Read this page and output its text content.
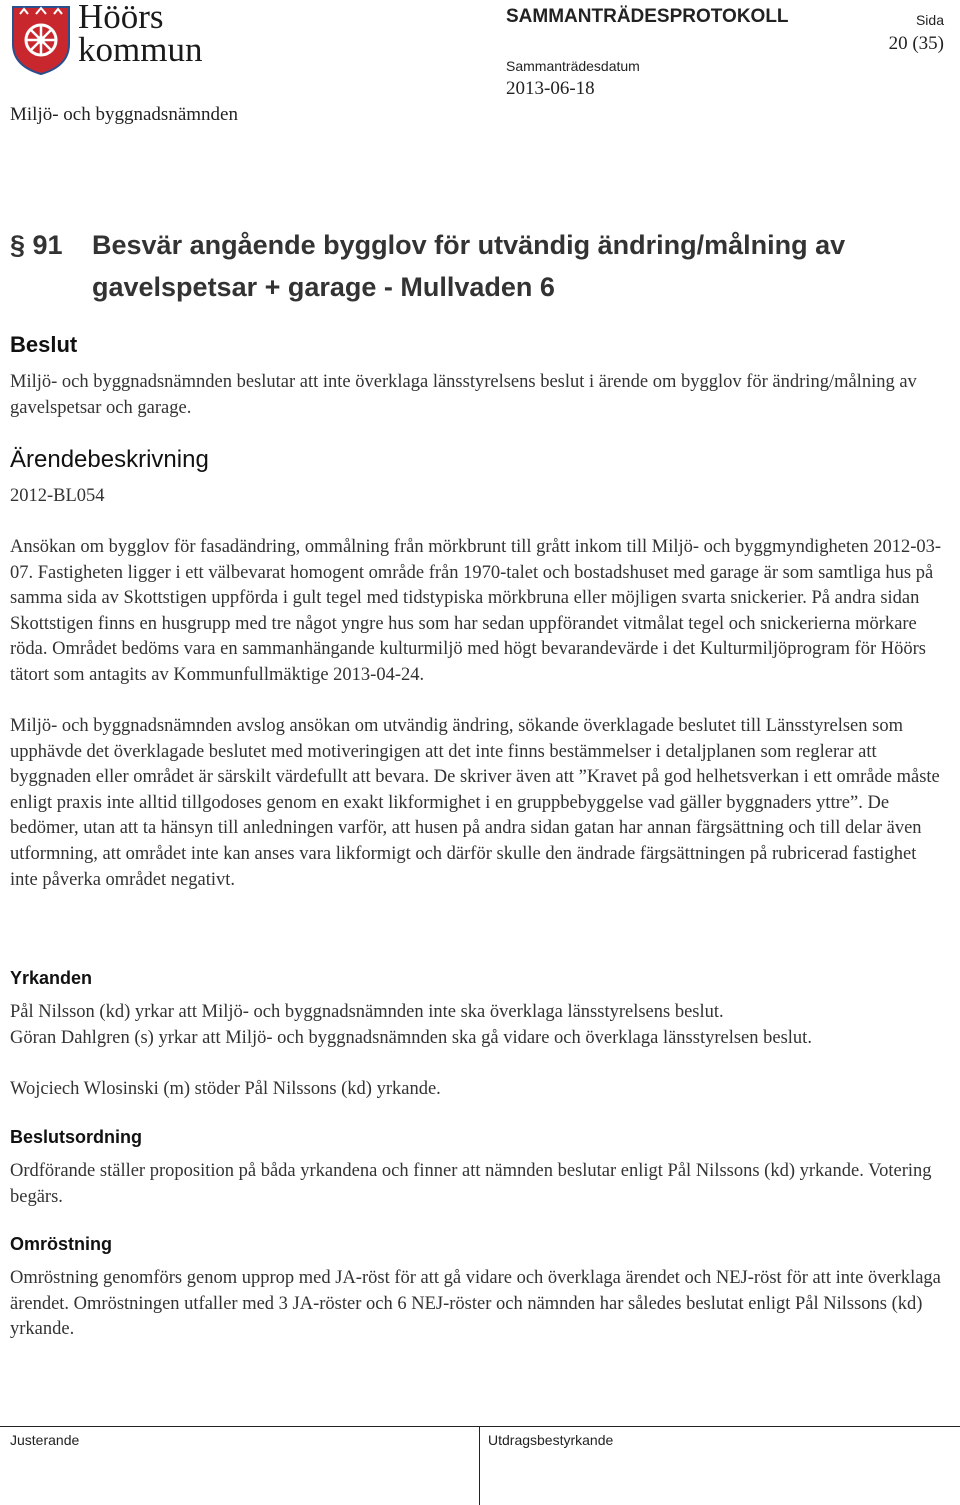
Höörs
kommun
SAMMANTRÄDESPROTOKOLL	Sida
20 (35)
Sammanträdesdatum
2013-06-18
Miljö- och byggnadsnämnden
§ 91 Besvär angående bygglov för utvändig ändring/målning av gavelspetsar + garage - Mullvaden 6
Beslut

Miljö- och byggnadsnämnden beslutar att inte överklaga länsstyrelsens beslut i ärende om bygglov för ändring/målning av gavelspetsar och garage.

Ärendebeskrivning

2012-BL054

Ansökan om bygglov för fasadändring, ommålning från mörkbrunt till grått inkom till Miljö- och byggmyndigheten 2012-03-07. Fastigheten ligger i ett välbevarat homogent område från 1970-talet och bostadshuset med garage är som samtliga hus på samma sida av Skottstigen uppförda i gult tegel med tidstypiska mörkbruna eller möjligen svarta snickerier. På andra sidan Skottstigen finns en husgrupp med tre något yngre hus som har sedan uppförandet vitmålat tegel och snickerierna mörkare röda. Området bedöms vara en sammanhängande kulturmiljö med högt bevarandevärde i det Kulturmiljöprogram för Höörs tätort som antagits av Kommunfullmäktige 2013-04-24.

Miljö- och byggnadsnämnden avslog ansökan om utvändig ändring, sökande överklagade beslutet till Länsstyrelsen som upphävde det överklagade beslutet med motiveringigen att det inte finns bestämmelser i detaljplanen som reglerar att byggnaden eller området är särskilt värdefullt att bevara. De skriver även att ”Kravet på god helhetsverkan i ett område måste enligt praxis inte alltid tillgodoses genom en exakt likformighet i en gruppbebyggelse vad gäller byggnaders yttre”. De bedömer, utan att ta hänsyn till anledningen varför, att husen på andra sidan gatan har annan färgsättning och till delar även utformning, att området inte kan anses vara likformigt och därför skulle den ändrade färgsättningen på rubricerad fastighet inte påverka området negativt.

Yrkanden

Pål Nilsson (kd) yrkar att Miljö- och byggnadsnämnden inte ska överklaga länsstyrelsens beslut.

Göran Dahlgren (s) yrkar att Miljö- och byggnadsnämnden ska gå vidare och överklaga länsstyrelsen beslut.

Wojciech Wlosinski (m) stöder Pål Nilssons (kd) yrkande.

Beslutsordning

Ordförande ställer proposition på båda yrkandena och finner att nämnden beslutar enligt Pål Nilssons (kd) yrkande. Votering begärs.

Omröstning

Omröstning genomförs genom upprop med JA-röst för att gå vidare och överklaga ärendet och NEJ-röst för att inte överklaga ärendet. Omröstningen utfaller med 3 JA-röster och 6 NEJ-röster och nämnden har således beslutat enligt Pål Nilssons (kd) yrkande.

Justerande	Utdragsbestyrkande
